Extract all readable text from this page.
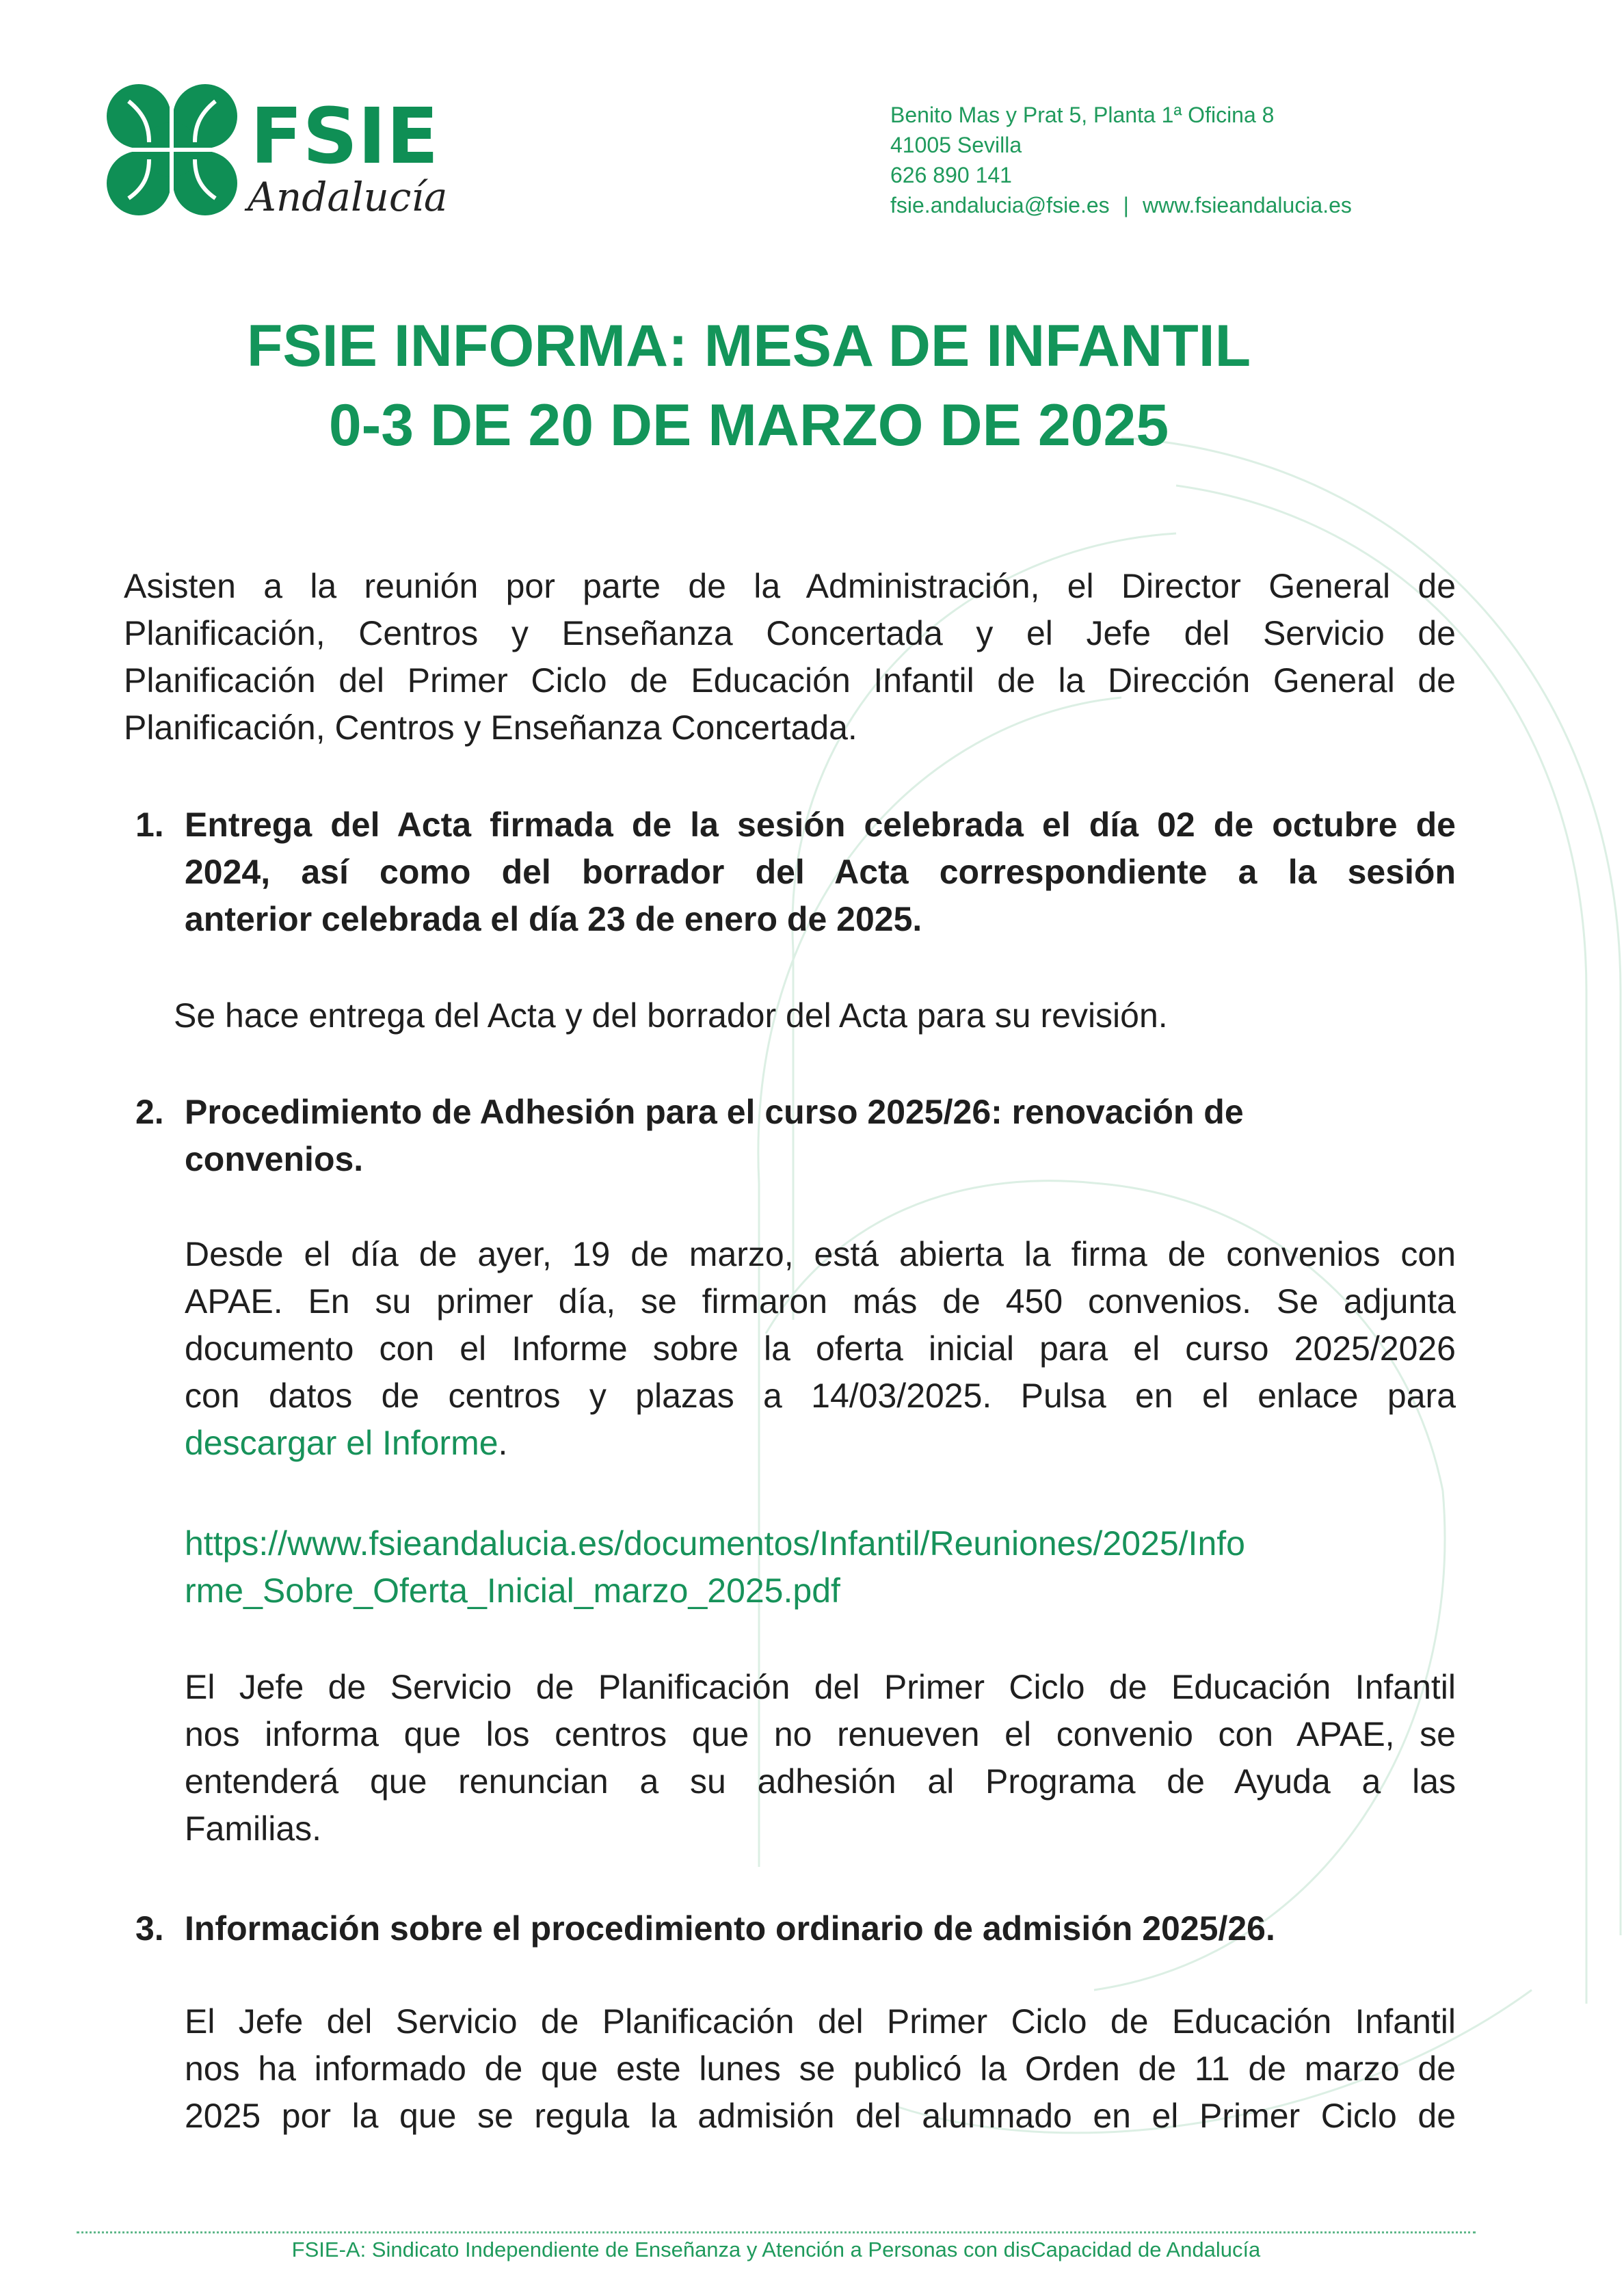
FSIE
Andalucía
Benito Mas y Prat 5, Planta 1ª Oficina 8
41005 Sevilla
626 890 141
fsie.andalucia@fsie.es | www.fsieandalucia.es
FSIE INFORMA: MESA DE INFANTIL
0-3 DE 20 DE MARZO DE 2025
Asisten a la reunión por parte de la Administración, el Director General de
Planificación, Centros y Enseñanza Concertada y el Jefe del Servicio de
Planificación del Primer Ciclo de Educación Infantil de la Dirección General de
Planificación, Centros y Enseñanza Concertada.
1. Entrega del Acta firmada de la sesión celebrada el día 02 de octubre de
2024, así como del borrador del Acta correspondiente a la sesión
anterior celebrada el día 23 de enero de 2025.
Se hace entrega del Acta y del borrador del Acta para su revisión.
2. Procedimiento de Adhesión para el curso 2025/26: renovación de
convenios.
Desde el día de ayer, 19 de marzo, está abierta la firma de convenios con
APAE. En su primer día, se firmaron más de 450 convenios. Se adjunta
documento con el Informe sobre la oferta inicial para el curso 2025/2026
con datos de centros y plazas a 14/03/2025. Pulsa en el enlace para
descargar el Informe.
https://www.fsieandalucia.es/documentos/Infantil/Reuniones/2025/Info
rme_Sobre_Oferta_Inicial_marzo_2025.pdf
El Jefe de Servicio de Planificación del Primer Ciclo de Educación Infantil
nos informa que los centros que no renueven el convenio con APAE, se
entenderá que renuncian a su adhesión al Programa de Ayuda a las
Familias.
3. Información sobre el procedimiento ordinario de admisión 2025/26.
El Jefe del Servicio de Planificación del Primer Ciclo de Educación Infantil
nos ha informado de que este lunes se publicó la Orden de 11 de marzo de
2025 por la que se regula la admisión del alumnado en el Primer Ciclo de
FSIE-A: Sindicato Independiente de Enseñanza y Atención a Personas con disCapacidad de Andalucía
